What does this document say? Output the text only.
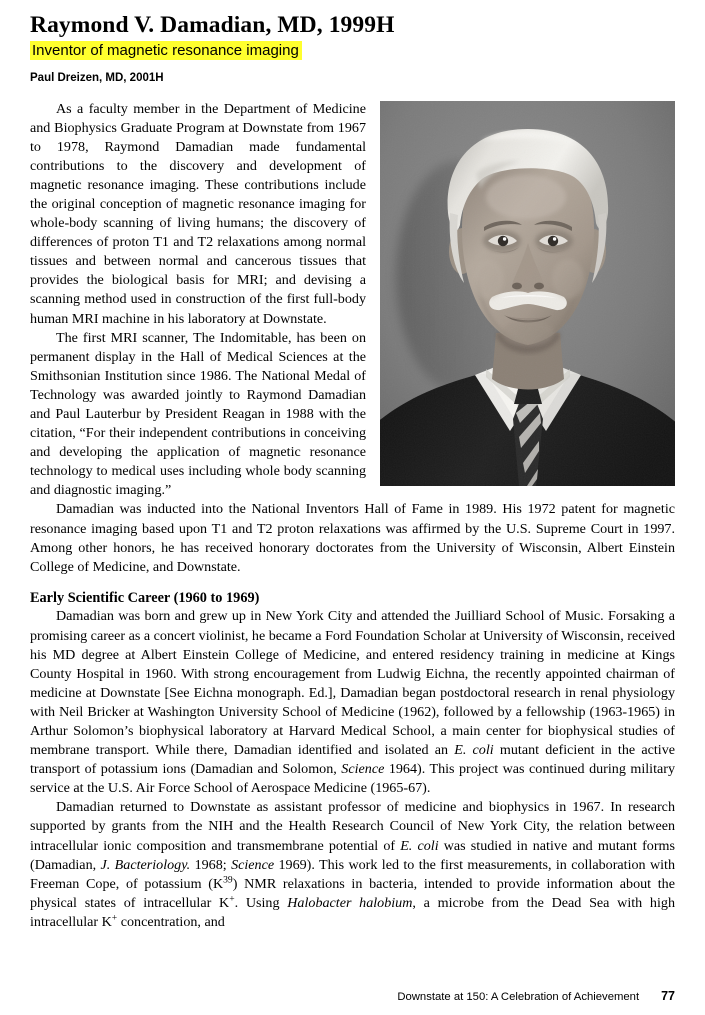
Raymond V. Damadian, MD, 1999H
Inventor of magnetic resonance imaging
Paul Dreizen, MD, 2001H

As a faculty member in the Department of Medicine and Biophysics Graduate Program at Downstate from 1967 to 1978, Raymond Damadian made fundamental contributions to the discovery and development of magnetic resonance imaging. These contributions include the original conception of magnetic resonance imaging for whole-body scanning of living humans; the discovery of differences of proton T1 and T2 relaxations among normal tissues and between normal and cancerous tissues that provides the biological basis for MRI; and devising a scanning method used in construction of the first full-body human MRI machine in his laboratory at Downstate.

The first MRI scanner, The Indomitable, has been on permanent display in the Hall of Medical Sciences at the Smithsonian Institution since 1986. The National Medal of Technology was awarded jointly to Raymond Damadian and Paul Lauterbur by President Reagan in 1988 with the citation, “For their independent contributions in conceiving and developing the application of magnetic resonance technology to medical uses including whole body scanning and diagnostic imaging.”

Damadian was inducted into the National Inventors Hall of Fame in 1989. His 1972 patent for magnetic resonance imaging based upon T1 and T2 proton relaxations was affirmed by the U.S. Supreme Court in 1997. Among other honors, he has received honorary doctorates from the University of Wisconsin, Albert Einstein College of Medicine, and Downstate.

Early Scientific Career (1960 to 1969)

Damadian was born and grew up in New York City and attended the Juilliard School of Music. Forsaking a promising career as a concert violinist, he became a Ford Foundation Scholar at University of Wisconsin, received his MD degree at Albert Einstein College of Medicine, and entered residency training in medicine at Kings County Hospital in 1960. With strong encouragement from Ludwig Eichna, the recently appointed chairman of medicine at Downstate [See Eichna monograph. Ed.], Damadian began postdoctoral research in renal physiology with Neil Bricker at Washington University School of Medicine (1962), followed by a fellowship (1963-1965) in Arthur Solomon’s biophysical laboratory at Harvard Medical School, a main center for biophysical studies of membrane transport. While there, Damadian identified and isolated an E. coli mutant deficient in the active transport of potassium ions (Damadian and Solomon, Science 1964). This project was continued during military service at the U.S. Air Force School of Aerospace Medicine (1965-67).

Damadian returned to Downstate as assistant professor of medicine and biophysics in 1967. In research supported by grants from the NIH and the Health Research Council of New York City, the relation between intracellular ionic composition and transmembrane potential of E. coli was studied in native and mutant forms (Damadian, J. Bacteriology. 1968; Science 1969). This work led to the first measurements, in collaboration with Freeman Cope, of potassium $(K^{39})$ NMR relaxations in bacteria, intended to provide information about the physical states of intracellular K+. Using Halobacter halobium, a microbe from the Dead Sea with high intracellular K+ concentration, and

Downstate at 150: A Celebration of Achievement 77
